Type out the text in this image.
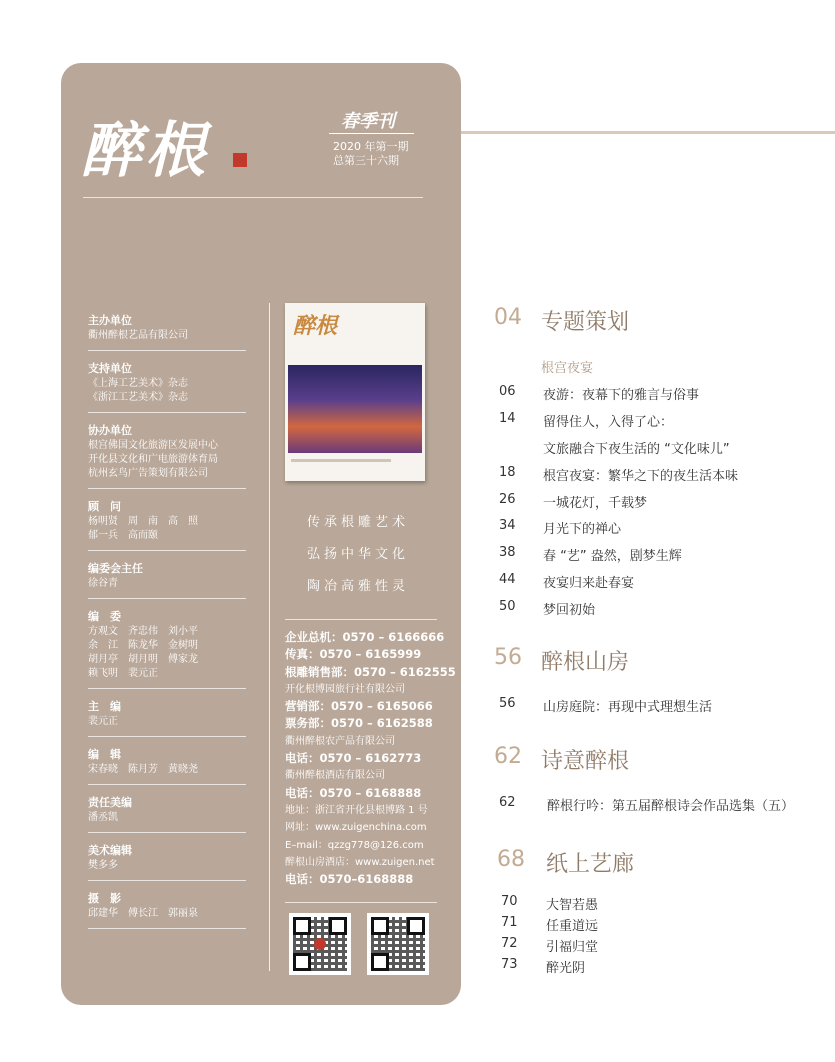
醉根	春季刊
2020 年第一期
总第三十六期
主办单位
衢州醉根艺品有限公司
支持单位
《上海工艺美术》杂志
《浙江工艺美术》杂志
协办单位
根宫佛国文化旅游区发展中心
开化县文化和广电旅游体育局
杭州玄鸟广告策划有限公司
顾　问
杨明贤　周　南　高　照
郁一兵　高而颐
编委会主任
徐谷青
编　委
方观文　齐忠伟　刘小平
余　江　陈龙华　金树明
胡月亭　胡月明　傅家龙
赖飞明　裴元正
主　编
裴元正
编　辑
宋春晓　陈月芳　黄晓尧
责任美编
潘丞凯
美术编辑
樊多多
摄　影
邱建华　傅长江　郭丽泉
醉根
传承根雕艺术
弘扬中华文化
陶冶高雅性灵
企业总机：0570 – 6166666
传真：0570 – 6165999
根雕销售部：0570 – 6162555
开化根博园旅行社有限公司
营销部：0570 – 6165066
票务部：0570 – 6162588
衢州醉根农产品有限公司
电话：0570 – 6162773
衢州醉根酒店有限公司
电话：0570 – 6168888
地址：浙江省开化县根博路 1 号
网址：www.zuigenchina.com
E–mail：qzzg778@126.com
醉根山房酒店：www.zuigen.net
电话：0570–6168888
04 专题策划
根宫夜宴
06 夜游：夜幕下的雅言与俗事
14 留得住人，入得了心：
文旅融合下夜生活的 “文化味儿”
18 根宫夜宴：繁华之下的夜生活本味
26 一城花灯，千载梦
34 月光下的禅心
38 春 “艺” 盎然，剧梦生辉
44 夜宴归来赴春宴
50 梦回初始
56 醉根山房
56 山房庭院：再现中式理想生活
62 诗意醉根
62 醉根行吟：第五届醉根诗会作品选集（五）
68 纸上艺廊
70 大智若愚
71 任重道远
72 引福归堂
73 醉光阴
